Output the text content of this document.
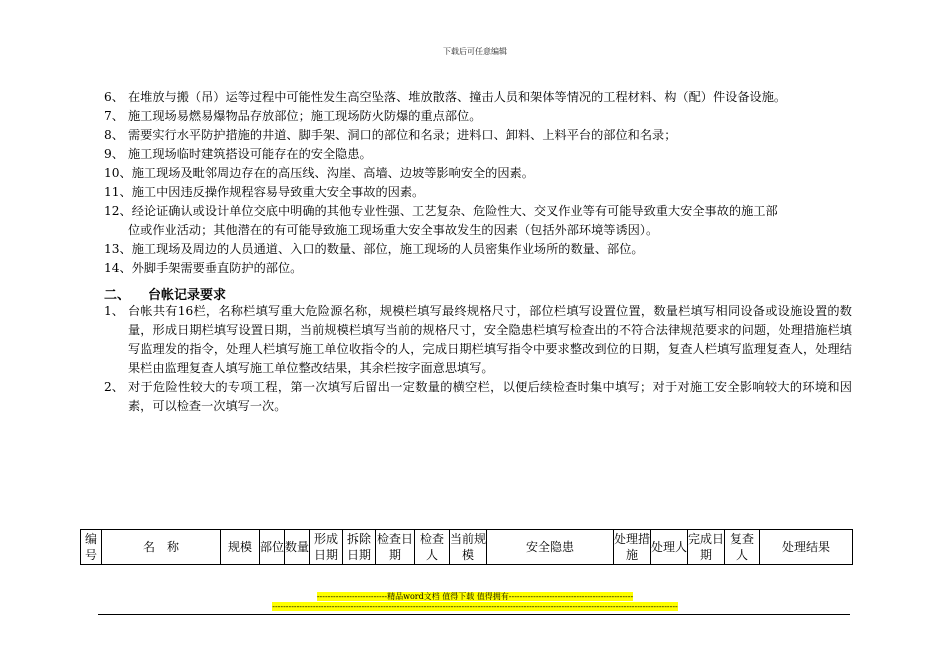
下载后可任意编辑
6、 在堆放与搬（吊）运等过程中可能性发生高空坠落、堆放散落、撞击人员和架体等情况的工程材料、构（配）件设备设施。
7、 施工现场易燃易爆物品存放部位；施工现场防火防爆的重点部位。
8、 需要实行水平防护措施的井道、脚手架、洞口的部位和名录；进料口、卸料、上料平台的部位和名录；
9、 施工现场临时建筑搭设可能存在的安全隐患。
10、 施工现场及毗邻周边存在的高压线、沟崖、高墙、边坡等影响安全的因素。
11、 施工中因违反操作规程容易导致重大安全事故的因素。
12、 经论证确认或设计单位交底中明确的其他专业性强、工艺复杂、危险性大、交叉作业等有可能导致重大安全事故的施工部
位或作业活动；其他潜在的有可能导致施工现场重大安全事故发生的因素（包括外部环境等诱因）。
13、 施工现场及周边的人员通道、入口的数量、部位，施工现场的人员密集作业场所的数量、部位。
14、 外脚手架需要垂直防护的部位。
二、 台帐记录要求
1、 台帐共有16栏，名称栏填写重大危险源名称，规模栏填写最终规格尺寸，部位栏填写设置位置，数量栏填写相同设备或设施设置的数量，形成日期栏填写设置日期，当前规模栏填写当前的规格尺寸，安全隐患栏填写检查出的不符合法律规范要求的问题，处理措施栏填写监理发的指令，处理人栏填写施工单位收指令的人，完成日期栏填写指令中要求整改到位的日期，复查人栏填写监理复查人，处理结果栏由监理复查人填写施工单位整改结果，其余栏按字面意思填写。
2、 对于危险性较大的专项工程，第一次填写后留出一定数量的横空栏，以便后续检查时集中填写；对于对施工安全影响较大的环境和因素，可以检查一次填写一次。
编号	名　称	规模	部位	数量	形成日期	拆除日期	检查日期	检查人	当前规模	安全隐患	处理措施	处理人	完成日期	复查人	处理结果
--------------------------精品word文档 值得下载 值得拥有----------------------------------------------
------------------------------------------------------------------------------------------------------------------------------------------------------
